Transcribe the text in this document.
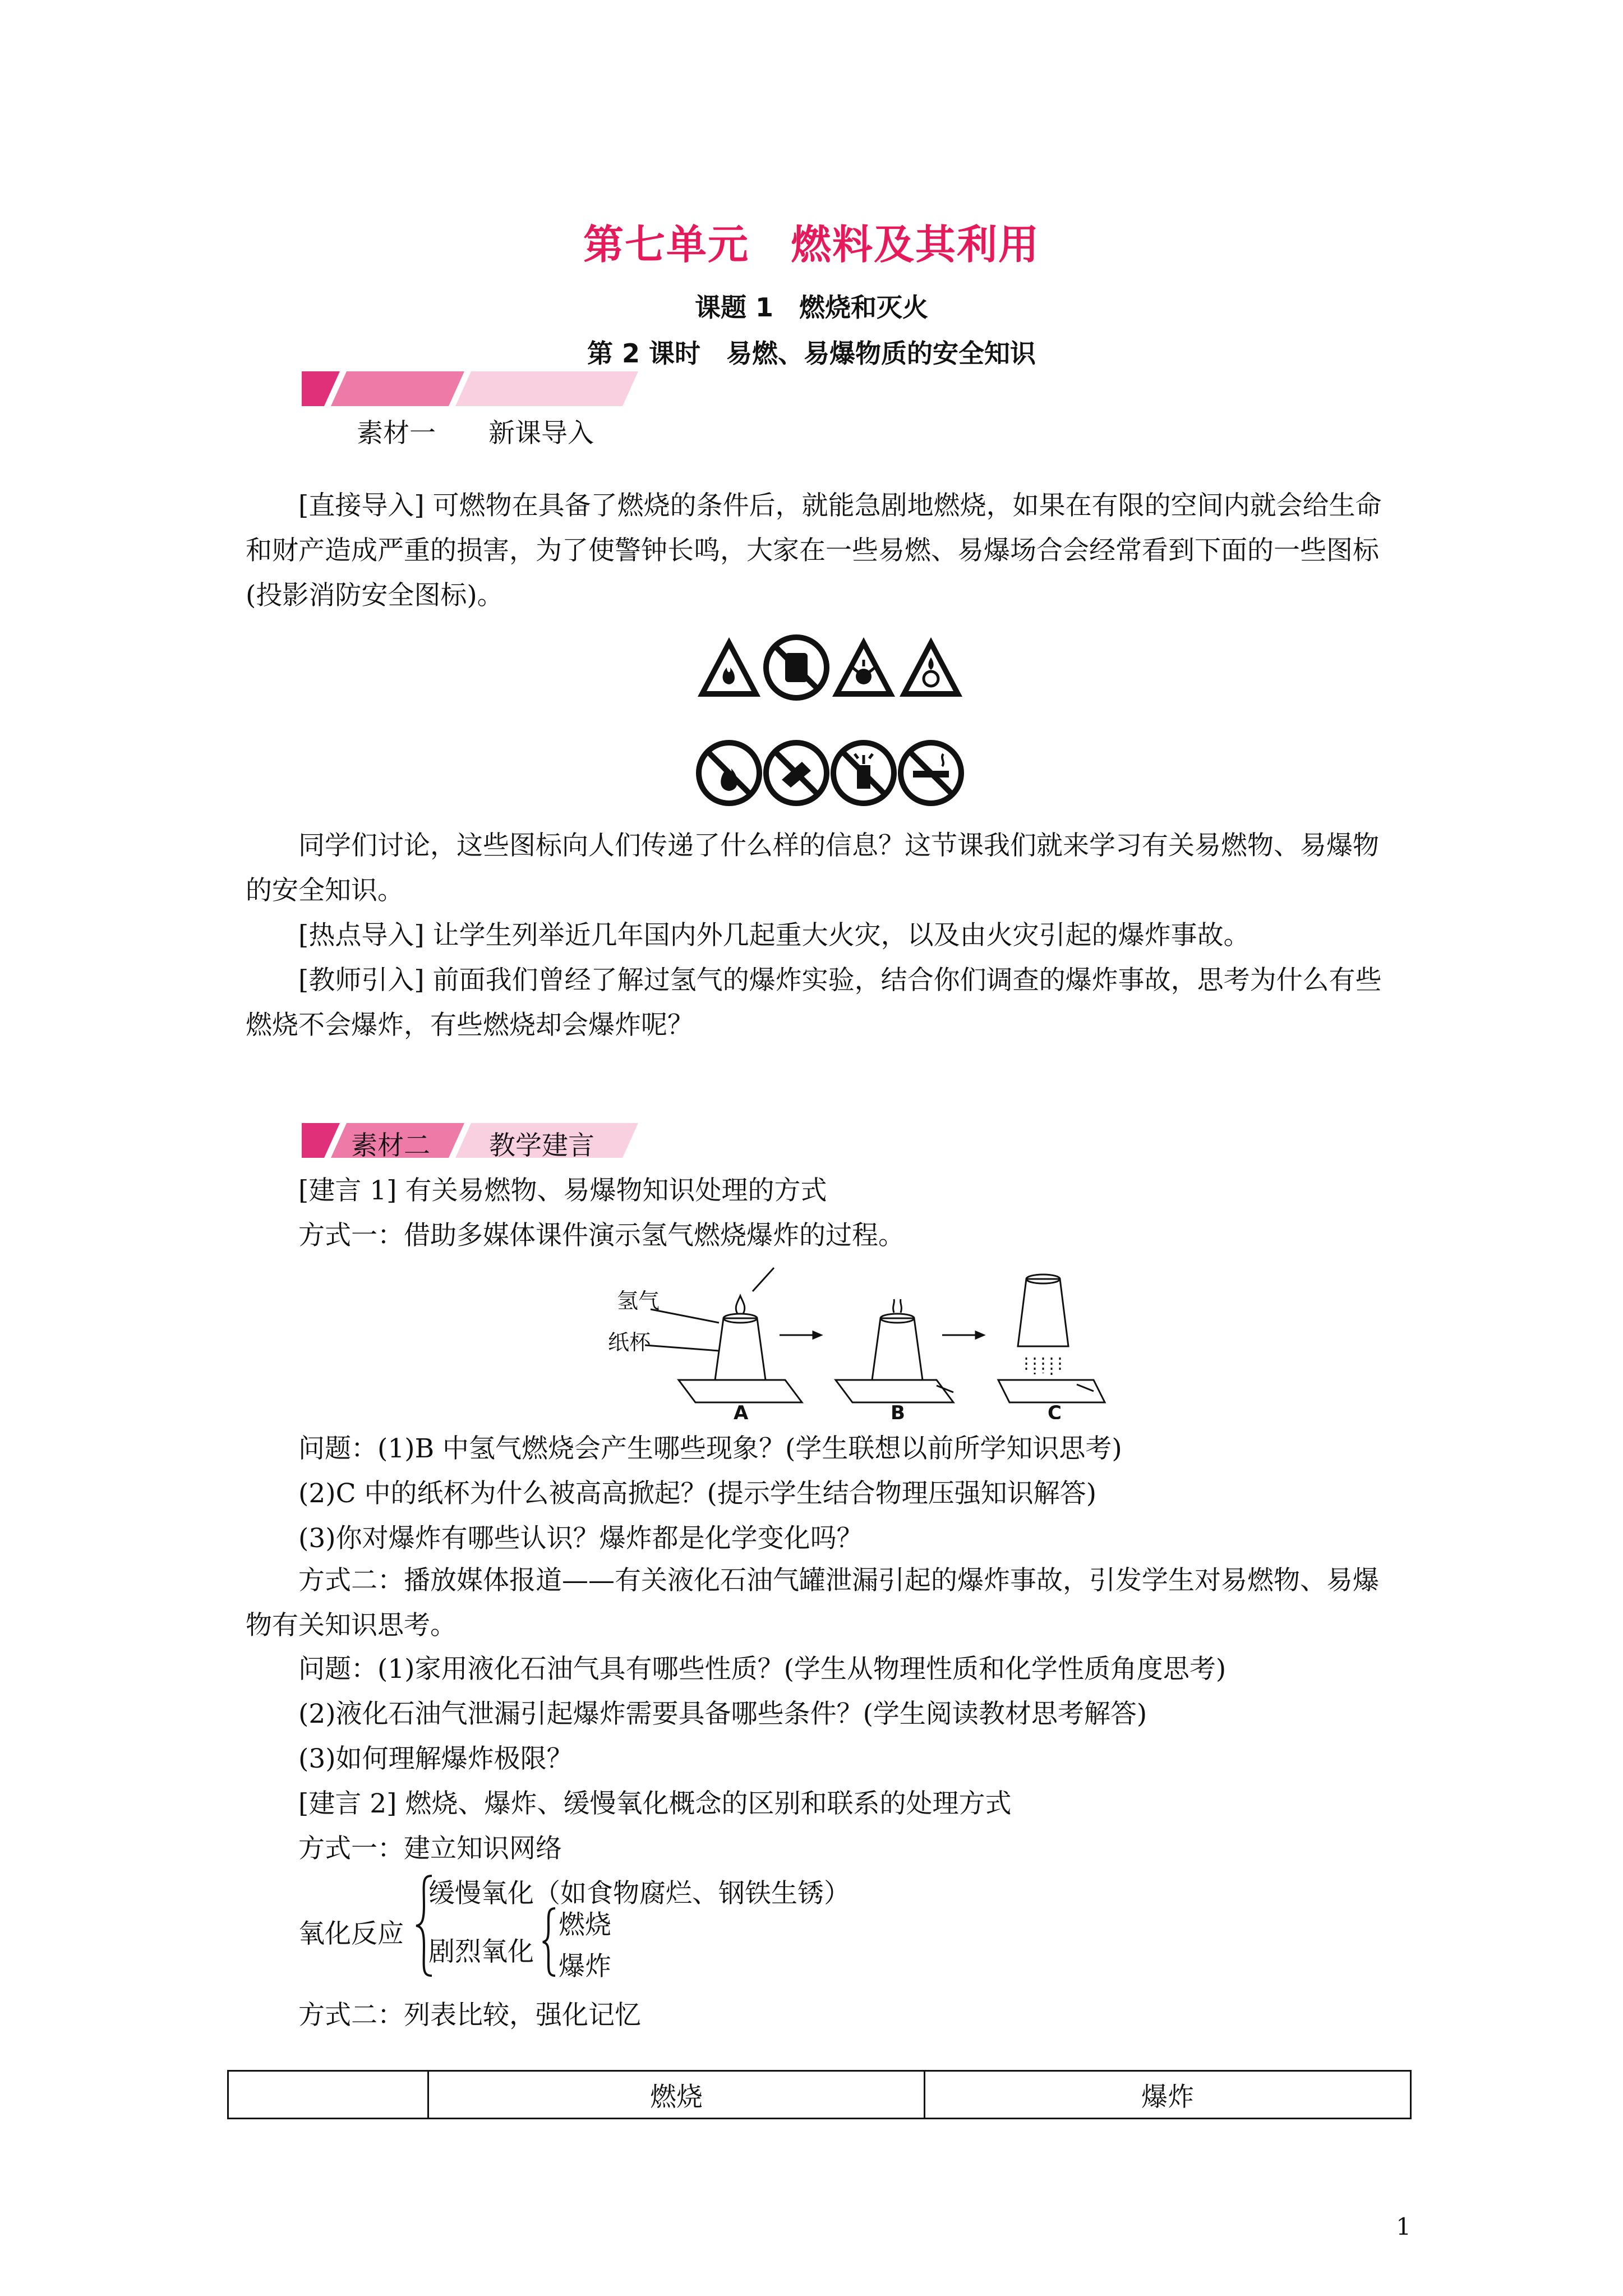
第七单元　燃料及其利用
课题 1　燃烧和灭火
第 2 课时　易燃、易爆物质的安全知识
素材一　　新课导入
[直接导入] 可燃物在具备了燃烧的条件后，就能急剧地燃烧，如果在有限的空间内就会给生命和财产造成严重的损害，为了使警钟长鸣，大家在一些易燃、易爆场合会经常看到下面的一些图标(投影消防安全图标)。
同学们讨论，这些图标向人们传递了什么样的信息？这节课我们就来学习有关易燃物、易爆物的安全知识。
[热点导入] 让学生列举近几年国内外几起重大火灾，以及由火灾引起的爆炸事故。
[教师引入] 前面我们曾经了解过氢气的爆炸实验，结合你们调查的爆炸事故，思考为什么有些燃烧不会爆炸，有些燃烧却会爆炸呢？
素材二 教学建言
[建言 1] 有关易燃物、易爆物知识处理的方式
方式一：借助多媒体课件演示氢气燃烧爆炸的过程。
氢气
纸杯
A	B	C
问题：(1)B 中氢气燃烧会产生哪些现象？(学生联想以前所学知识思考)
(2)C 中的纸杯为什么被高高掀起？(提示学生结合物理压强知识解答)
(3)你对爆炸有哪些认识？爆炸都是化学变化吗？
方式二：播放媒体报道——有关液化石油气罐泄漏引起的爆炸事故，引发学生对易燃物、易爆物有关知识思考。
问题：(1)家用液化石油气具有哪些性质？(学生从物理性质和化学性质角度思考)
(2)液化石油气泄漏引起爆炸需要具备哪些条件？(学生阅读教材思考解答)
(3)如何理解爆炸极限？
[建言 2] 燃烧、爆炸、缓慢氧化概念的区别和联系的处理方式
方式一：建立知识网络
氧化反应
缓慢氧化（如食物腐烂、钢铁生锈）
剧烈氧化
燃烧
爆炸
方式二：列表比较，强化记忆
	燃烧	爆炸
1
